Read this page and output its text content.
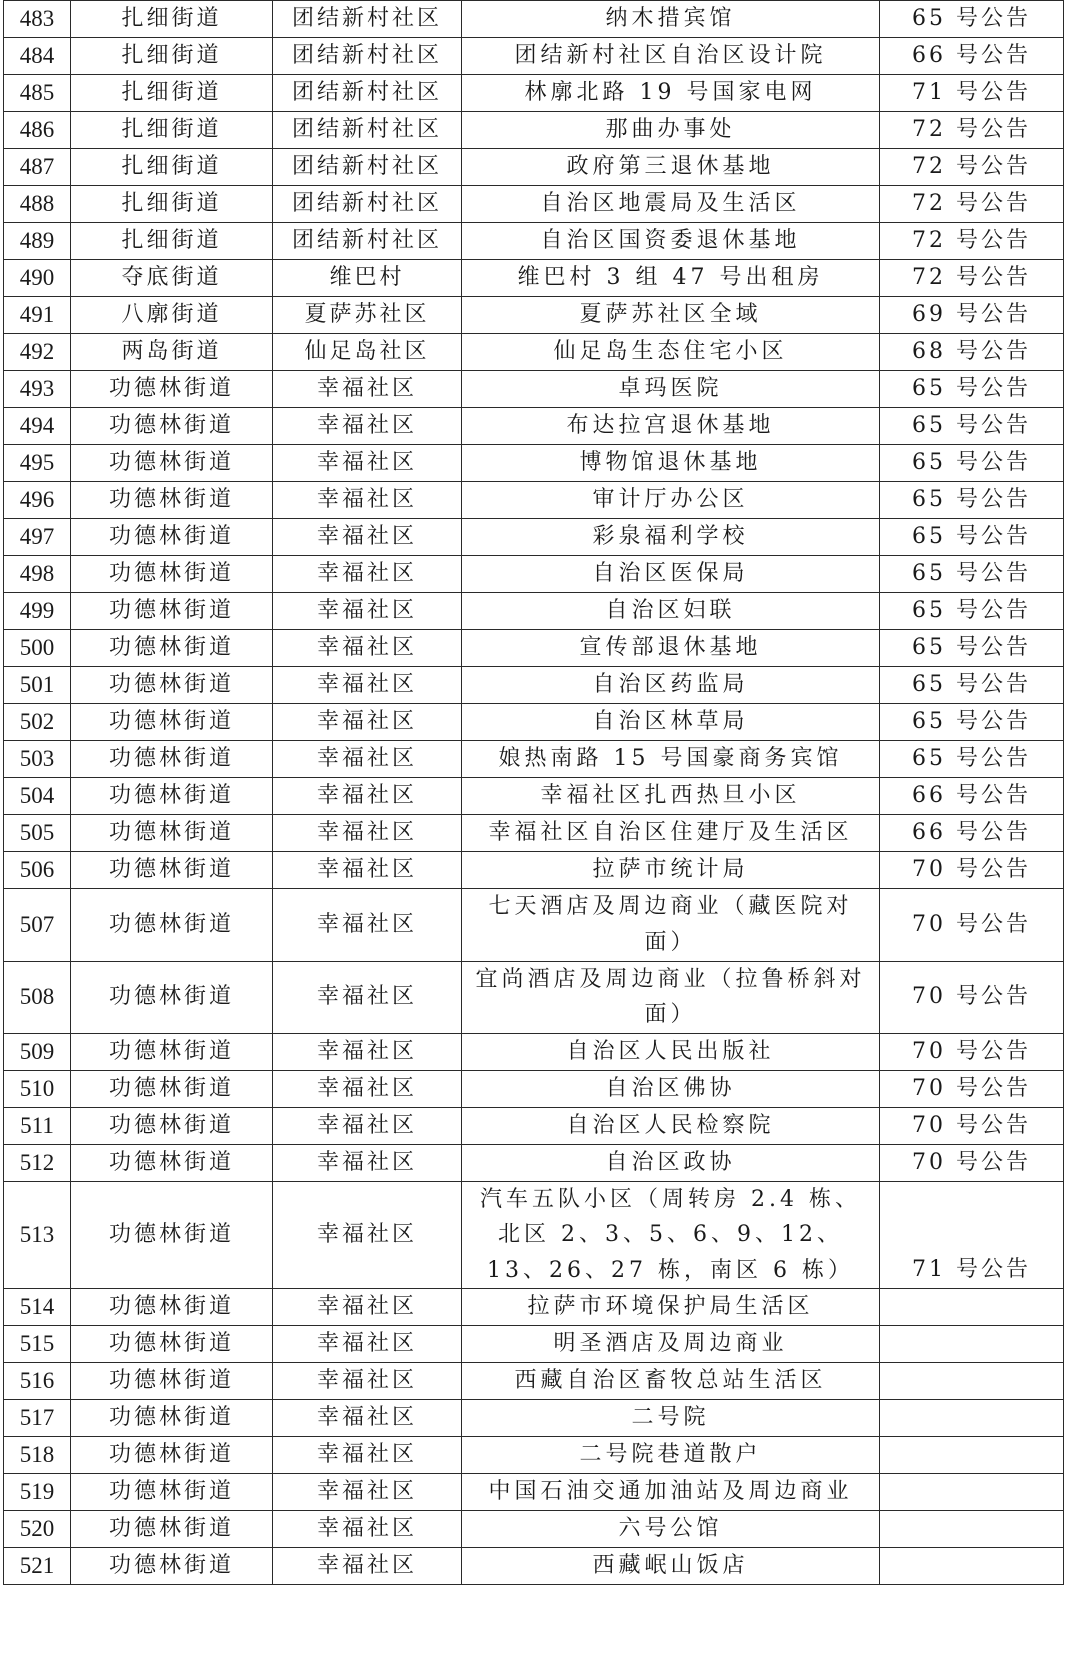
483	扎细街道	团结新村社区	纳木措宾馆	65 号公告
484	扎细街道	团结新村社区	团结新村社区自治区设计院	66 号公告
485	扎细街道	团结新村社区	林廓北路 19 号国家电网	71 号公告
486	扎细街道	团结新村社区	那曲办事处	72 号公告
487	扎细街道	团结新村社区	政府第三退休基地	72 号公告
488	扎细街道	团结新村社区	自治区地震局及生活区	72 号公告
489	扎细街道	团结新村社区	自治区国资委退休基地	72 号公告
490	夺底街道	维巴村	维巴村 3 组 47 号出租房	72 号公告
491	八廓街道	夏萨苏社区	夏萨苏社区全域	69 号公告
492	两岛街道	仙足岛社区	仙足岛生态住宅小区	68 号公告
493	功德林街道	幸福社区	卓玛医院	65 号公告
494	功德林街道	幸福社区	布达拉宫退休基地	65 号公告
495	功德林街道	幸福社区	博物馆退休基地	65 号公告
496	功德林街道	幸福社区	审计厅办公区	65 号公告
497	功德林街道	幸福社区	彩泉福利学校	65 号公告
498	功德林街道	幸福社区	自治区医保局	65 号公告
499	功德林街道	幸福社区	自治区妇联	65 号公告
500	功德林街道	幸福社区	宣传部退休基地	65 号公告
501	功德林街道	幸福社区	自治区药监局	65 号公告
502	功德林街道	幸福社区	自治区林草局	65 号公告
503	功德林街道	幸福社区	娘热南路 15 号国豪商务宾馆	65 号公告
504	功德林街道	幸福社区	幸福社区扎西热旦小区	66 号公告
505	功德林街道	幸福社区	幸福社区自治区住建厅及生活区	66 号公告
506	功德林街道	幸福社区	拉萨市统计局	70 号公告
507	功德林街道	幸福社区	七天酒店及周边商业（藏医院对面）	70 号公告
508	功德林街道	幸福社区	宜尚酒店及周边商业（拉鲁桥斜对面）	70 号公告
509	功德林街道	幸福社区	自治区人民出版社	70 号公告
510	功德林街道	幸福社区	自治区佛协	70 号公告
511	功德林街道	幸福社区	自治区人民检察院	70 号公告
512	功德林街道	幸福社区	自治区政协	70 号公告
513	功德林街道	幸福社区	汽车五队小区（周转房 2.4 栋、北区 2、3、5、6、9、12、13、26、27 栋，南区 6 栋）	71 号公告
514	功德林街道	幸福社区	拉萨市环境保护局生活区	
515	功德林街道	幸福社区	明圣酒店及周边商业	
516	功德林街道	幸福社区	西藏自治区畜牧总站生活区	
517	功德林街道	幸福社区	二号院	
518	功德林街道	幸福社区	二号院巷道散户	
519	功德林街道	幸福社区	中国石油交通加油站及周边商业	
520	功德林街道	幸福社区	六号公馆	
521	功德林街道	幸福社区	西藏岷山饭店	
